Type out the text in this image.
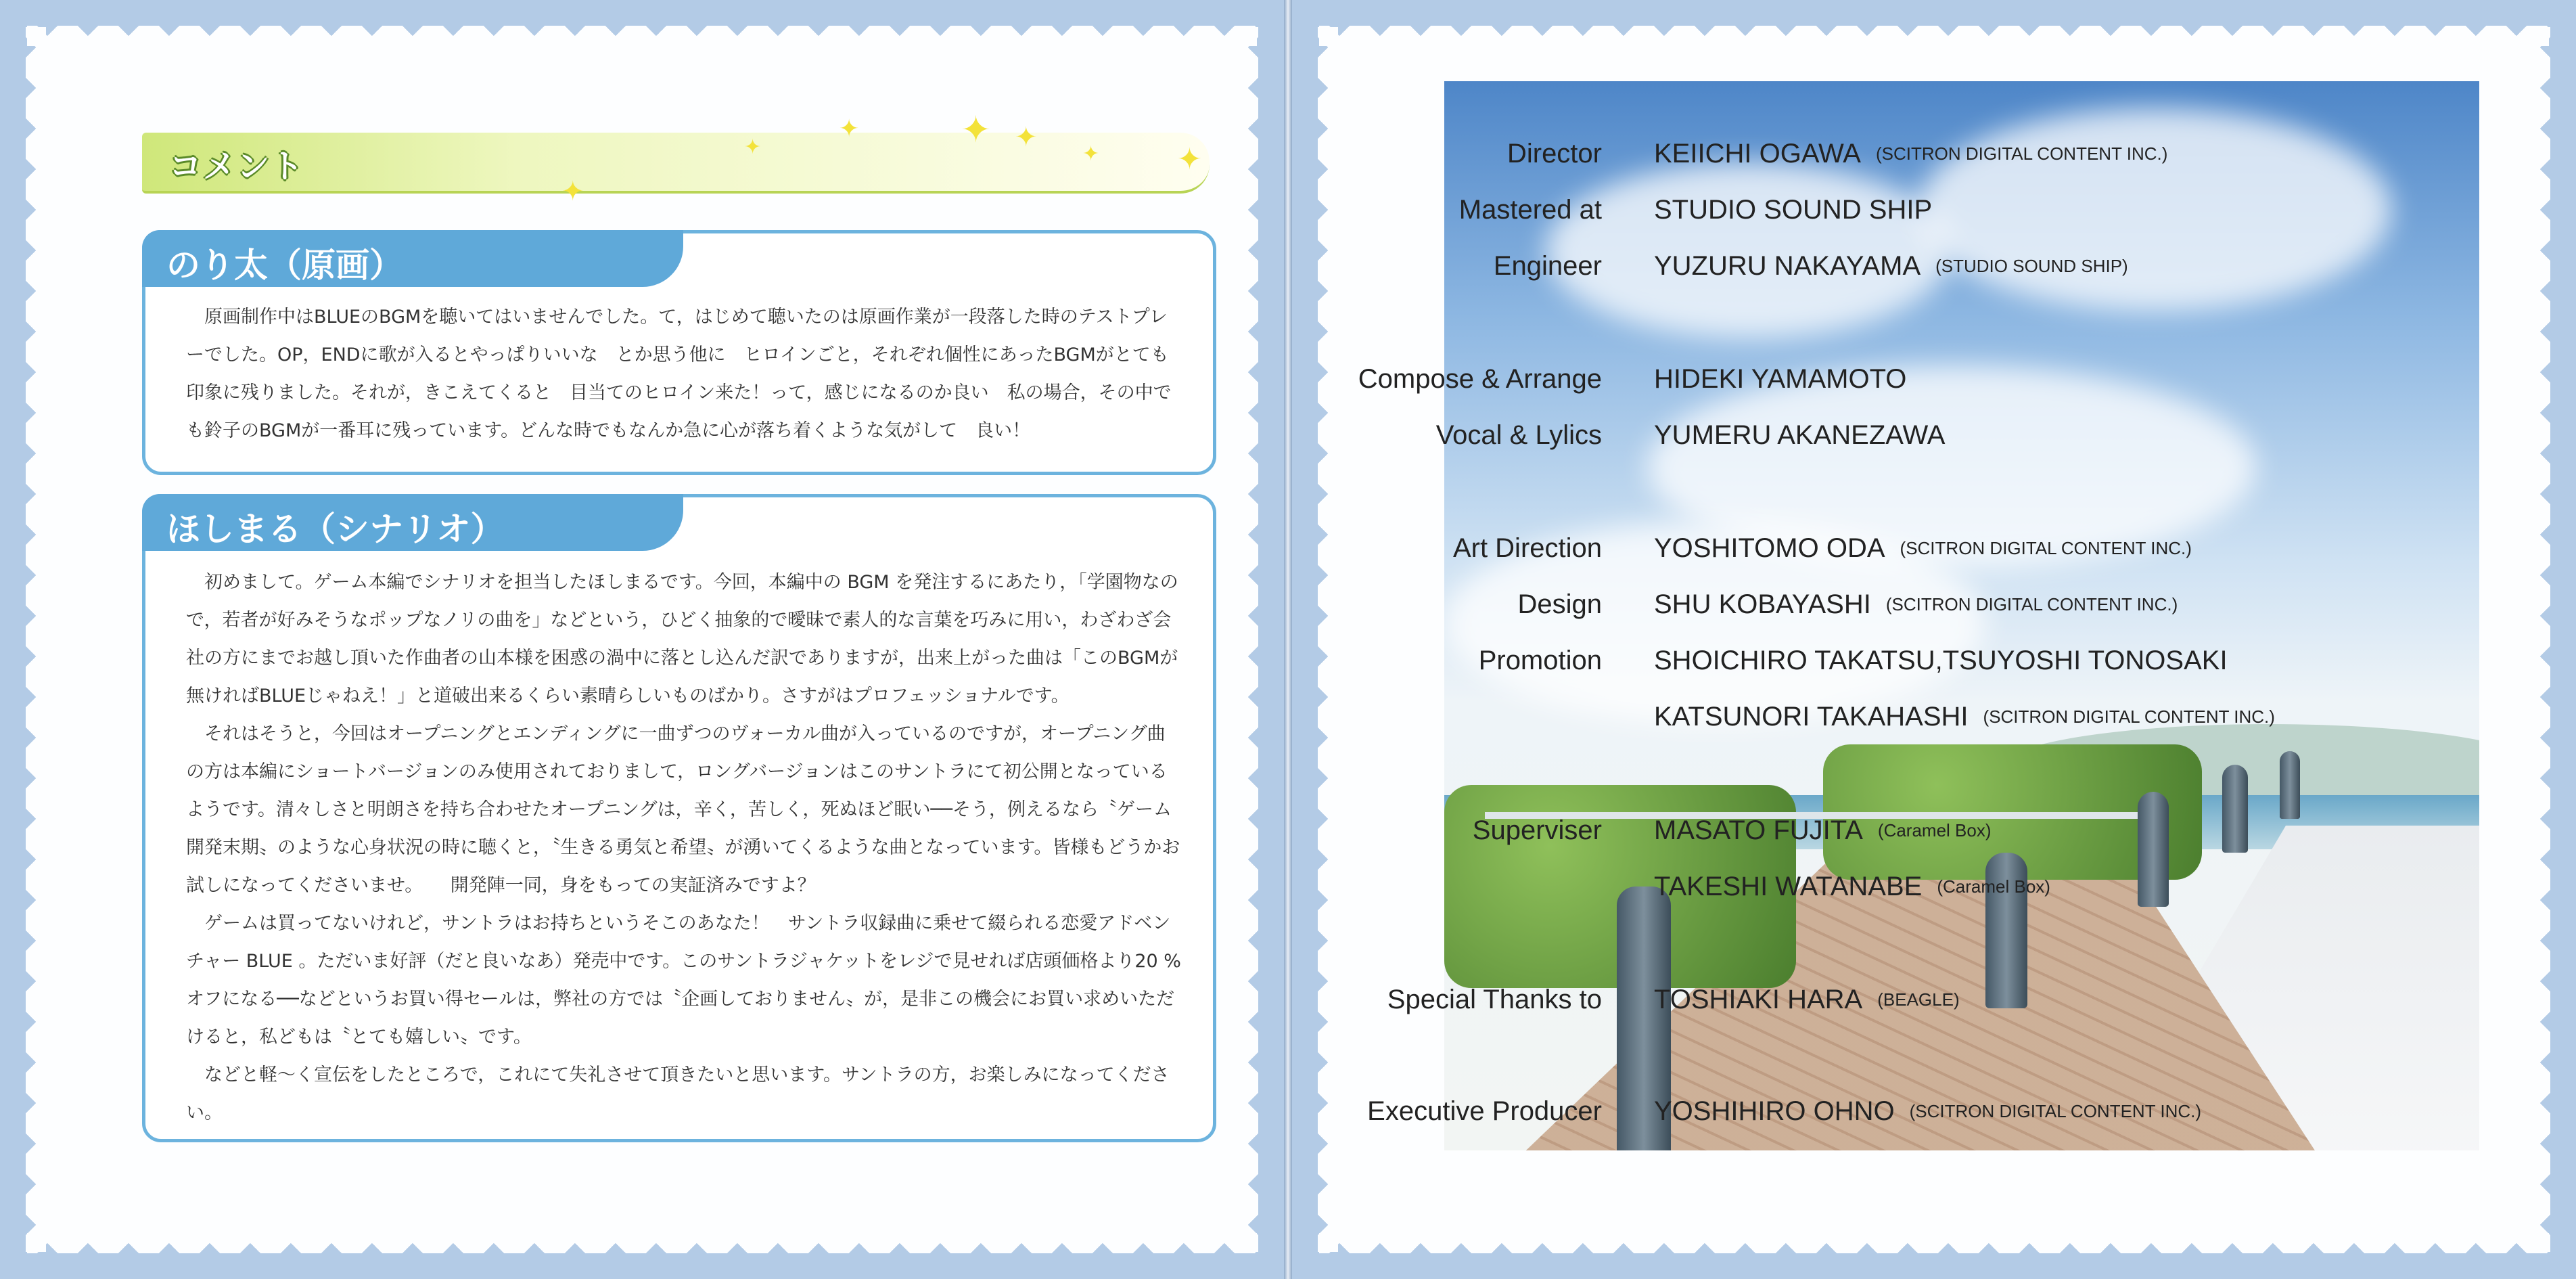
コメント
✦ ✦
✦
✦
✦
✦
✦
のり太（原画）

原画制作中はBLUEのBGMを聴いてはいませんでした。て，はじめて聴いたのは原画作業が一段落した時のテストプレーでした。OP，ENDに歌が入るとやっぱりいいな　とか思う他に　ヒロインごと，それぞれ個性にあったBGMがとても印象に残りました。それが，きこえてくると　目当てのヒロイン来た！って，感じになるのか良い　私の場合，その中でも鈴子のBGMが一番耳に残っています。どんな時でもなんか急に心が落ち着くような気がして　良い！

ほしまる（シナリオ）

初めまして。ゲーム本編でシナリオを担当したほしまるです。今回，本編中の BGM を発注するにあたり，「学園物なので，若者が好みそうなポップなノリの曲を」などという，ひどく抽象的で曖昧で素人的な言葉を巧みに用い，わざわざ会社の方にまでお越し頂いた作曲者の山本様を困惑の渦中に落とし込んだ訳でありますが，出来上がった曲は「このBGMが無ければBLUEじゃねえ！」と道破出来るくらい素晴らしいものばかり。さすがはプロフェッショナルです。

それはそうと，今回はオープニングとエンディングに一曲ずつのヴォーカル曲が入っているのですが，オープニング曲の方は本編にショートバージョンのみ使用されておりまして，ロングバージョンはこのサントラにて初公開となっているようです。清々しさと明朗さを持ち合わせたオープニングは，辛く，苦しく，死ぬほど眠い──そう，例えるなら〝ゲーム開発末期〟のような心身状況の時に聴くと，〝生きる勇気と希望〟が湧いてくるような曲となっています。皆様もどうかお試しになってくださいませ。　　開発陣一同，身をもっての実証済みですよ？

ゲームは買ってないけれど，サントラはお持ちというそこのあなた！　サントラ収録曲に乗せて綴られる恋愛アドベンチャー BLUE 。ただいま好評（だと良いなあ）発売中です。このサントラジャケットをレジで見せれば店頭価格より20 %オフになる──などというお買い得セールは，弊社の方では〝企画しておりません〟が，是非この機会にお買い求めいただけると，私どもは〝とても嬉しい〟です。

などと軽～く宣伝をしたところで，これにて失礼させて頂きたいと思います。サントラの方，お楽しみになってください。

Director KEIICHI OGAWA (SCITRON DIGITAL CONTENT INC.)
Mastered at STUDIO SOUND SHIP
Engineer YUZURU NAKAYAMA (STUDIO SOUND SHIP)
Compose & Arrange HIDEKI YAMAMOTO
Vocal & Lylics YUMERU AKANEZAWA
Art Direction YOSHITOMO ODA (SCITRON DIGITAL CONTENT INC.)
Design SHU KOBAYASHI (SCITRON DIGITAL CONTENT INC.)
Promotion SHOICHIRO TAKATSU,TSUYOSHI TONOSAKI
KATSUNORI TAKAHASHI (SCITRON DIGITAL CONTENT INC.)
Superviser MASATO FUJITA (Caramel Box)
TAKESHI WATANABE (Caramel Box)
Special Thanks to TOSHIAKI HARA (BEAGLE)
Executive Producer YOSHIHIRO OHNO (SCITRON DIGITAL CONTENT INC.)
